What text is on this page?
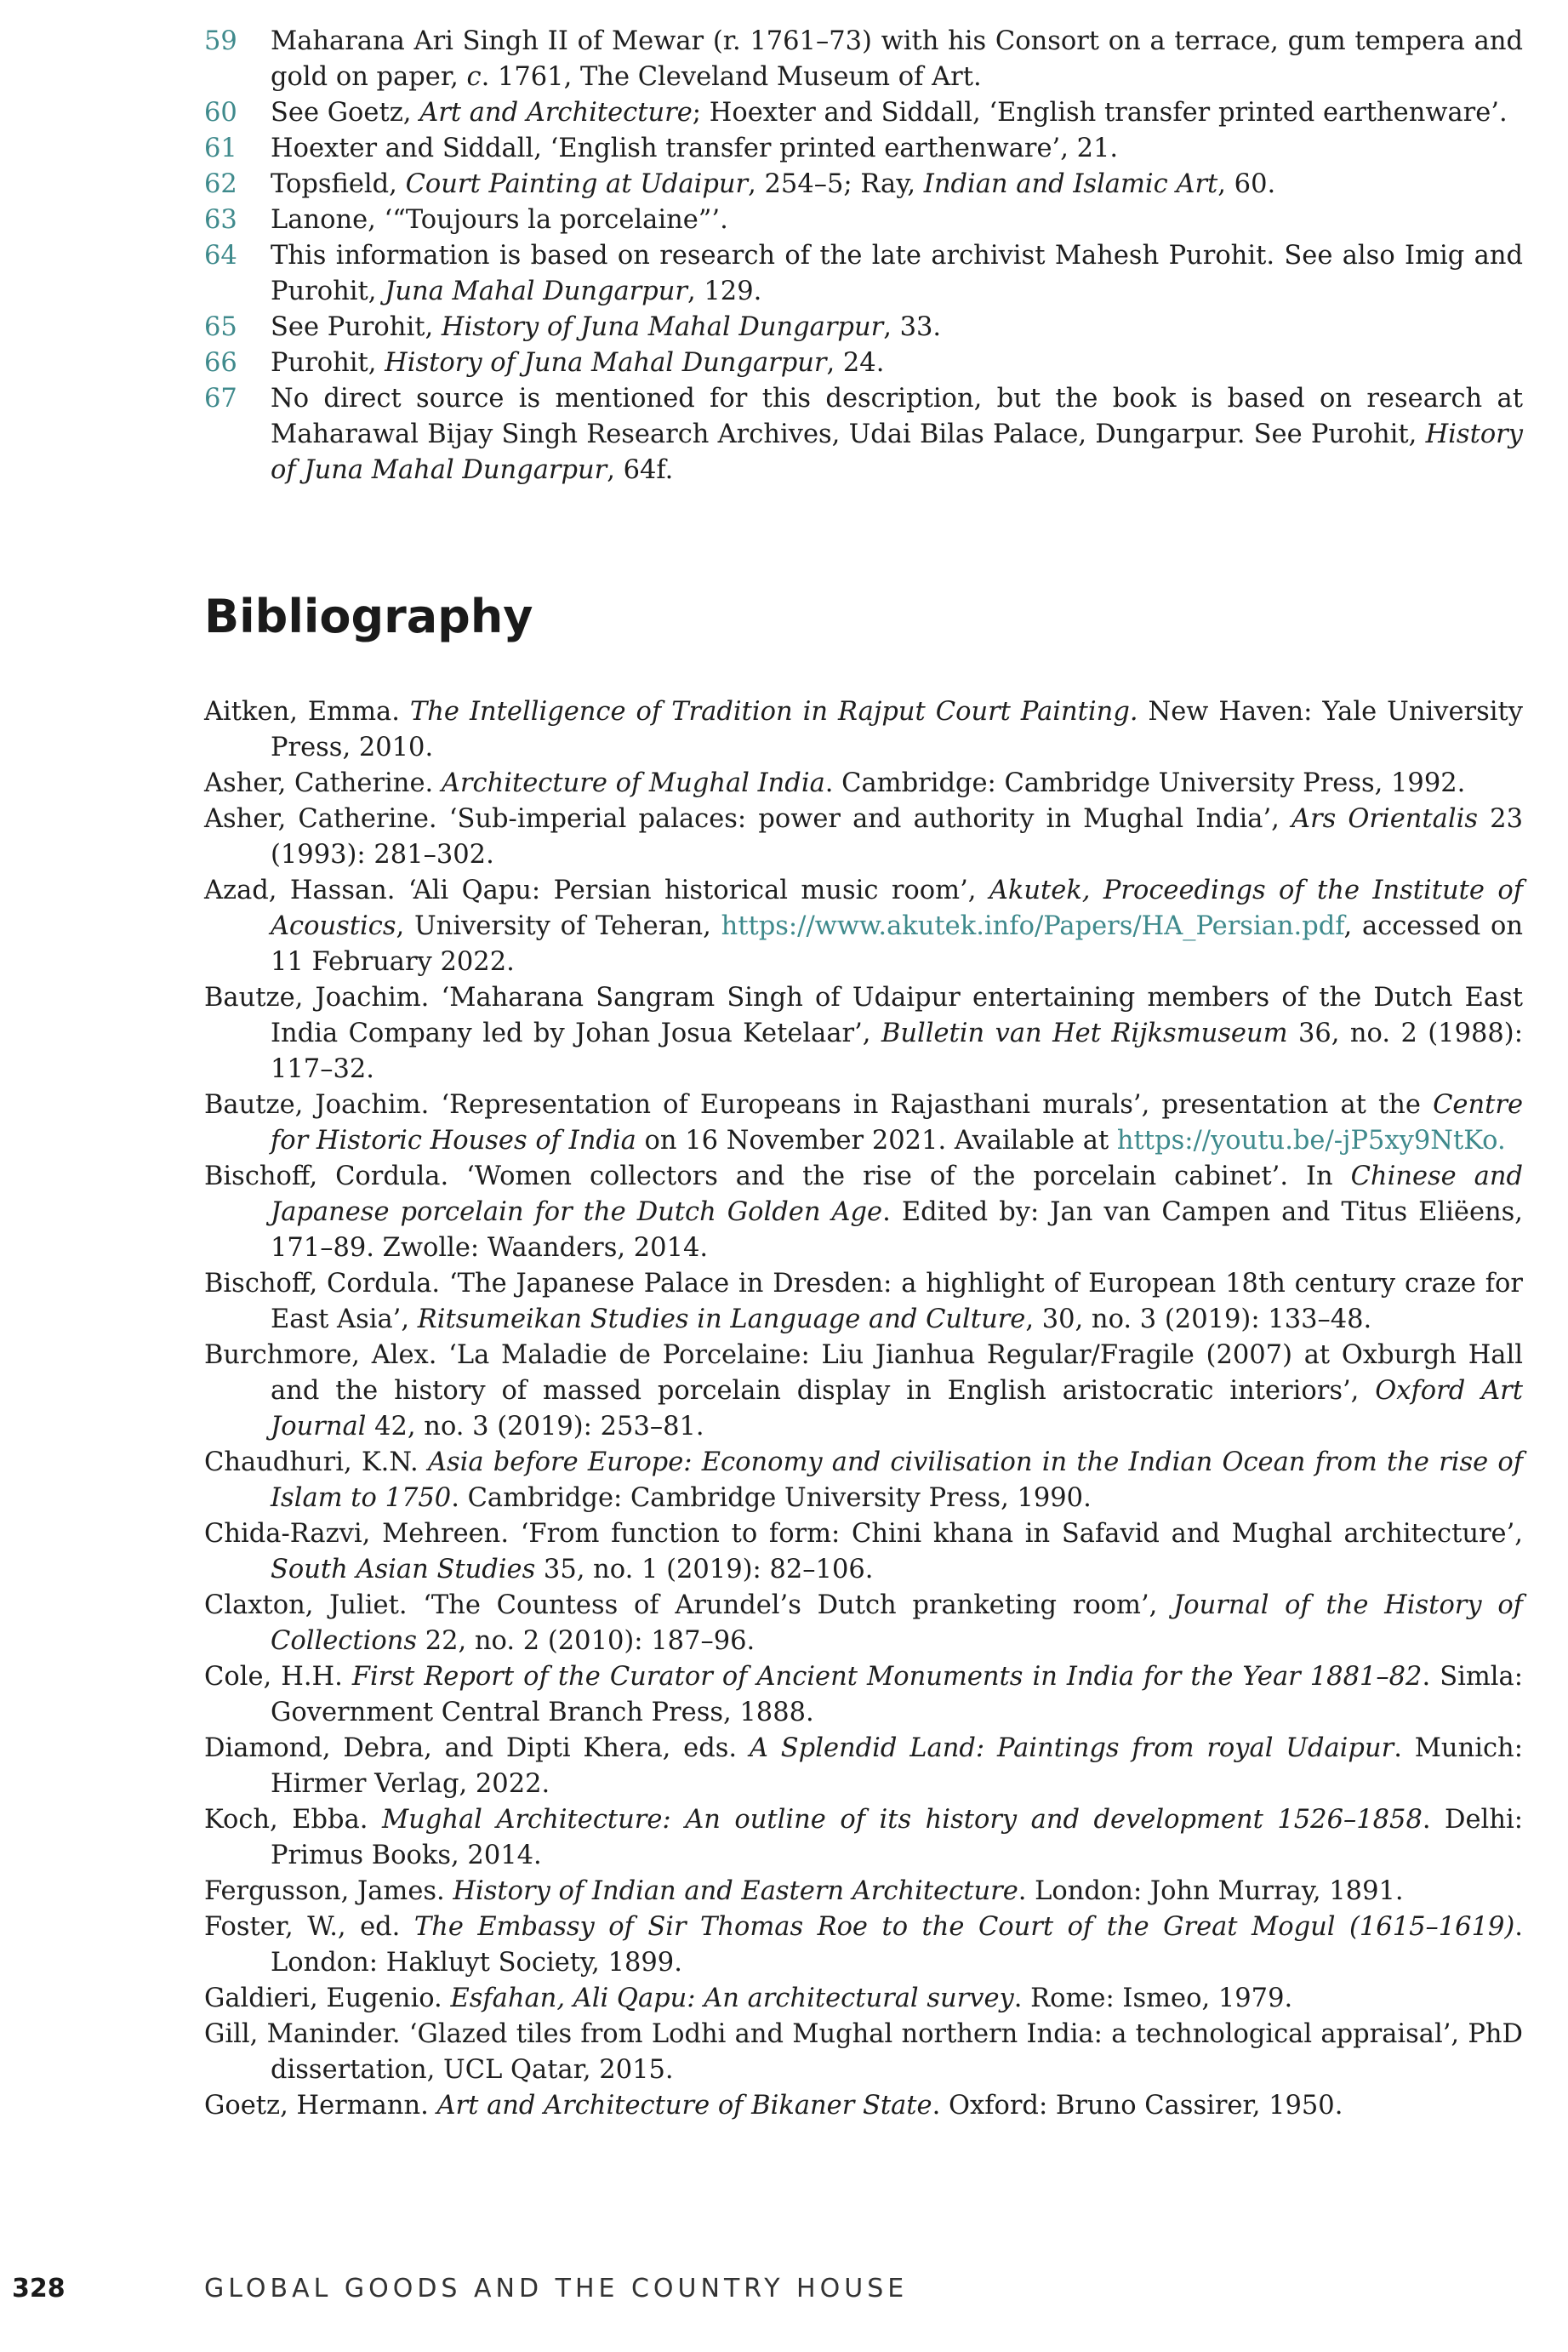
59	Maharana Ari Singh II of Mewar (r. 1761–73) with his Consort on a terrace, gum tempera and gold on paper, c. 1761, The Cleveland Museum of Art.
60	See Goetz, Art and Architecture; Hoexter and Siddall, ‘English transfer printed earthenware’.
61	Hoexter and Siddall, ‘English transfer printed earthenware’, 21.
62	Topsfield, Court Painting at Udaipur, 254–5; Ray, Indian and Islamic Art, 60.
63	Lanone, ‘“Toujours la porcelaine”’.
64	This information is based on research of the late archivist Mahesh Purohit. See also Imig and Purohit, Juna Mahal Dungarpur, 129.
65	See Purohit, History of Juna Mahal Dungarpur, 33.
66	Purohit, History of Juna Mahal Dungarpur, 24.
67	No direct source is mentioned for this description, but the book is based on research at Maharawal Bijay Singh Research Archives, Udai Bilas Palace, Dungarpur. See Purohit, History of Juna Mahal Dungarpur, 64f.
Bibliography
Aitken, Emma. The Intelligence of Tradition in Rajput Court Painting. New Haven: Yale University Press, 2010.
Asher, Catherine. Architecture of Mughal India. Cambridge: Cambridge University Press, 1992.
Asher, Catherine. ‘Sub-imperial palaces: power and authority in Mughal India’, Ars Orientalis 23 (1993): 281–302.
Azad, Hassan. ‘Ali Qapu: Persian historical music room’, Akutek, Proceedings of the Institute of Acoustics, University of Teheran, https://www.akutek.info/Papers/HA_Persian.pdf, accessed on 11 February 2022.
Bautze, Joachim. ‘Maharana Sangram Singh of Udaipur entertaining members of the Dutch East India Company led by Johan Josua Ketelaar’, Bulletin van Het Rijksmuseum 36, no. 2 (1988): 117–32.
Bautze, Joachim. ‘Representation of Europeans in Rajasthani murals’, presentation at the Centre for Historic Houses of India on 16 November 2021. Available at https://youtu.be/-jP5xy9NtKo.
Bischoff, Cordula. ‘Women collectors and the rise of the porcelain cabinet’. In Chinese and Japanese porcelain for the Dutch Golden Age. Edited by: Jan van Campen and Titus Eliëens, 171–89. Zwolle: Waanders, 2014.
Bischoff, Cordula. ‘The Japanese Palace in Dresden: a highlight of European 18th century craze for East Asia’, Ritsumeikan Studies in Language and Culture, 30, no. 3 (2019): 133–48.
Burchmore, Alex. ‘La Maladie de Porcelaine: Liu Jianhua Regular/Fragile (2007) at Oxburgh Hall and the history of massed porcelain display in English aristocratic interiors’, Oxford Art Journal 42, no. 3 (2019): 253–81.
Chaudhuri, K.N. Asia before Europe: Economy and civilisation in the Indian Ocean from the rise of Islam to 1750. Cambridge: Cambridge University Press, 1990.
Chida-Razvi, Mehreen. ‘From function to form: Chini khana in Safavid and Mughal architecture’, South Asian Studies 35, no. 1 (2019): 82–106.
Claxton, Juliet. ‘The Countess of Arundel’s Dutch pranketing room’, Journal of the History of Collections 22, no. 2 (2010): 187–96.
Cole, H.H. First Report of the Curator of Ancient Monuments in India for the Year 1881–82. Simla: Government Central Branch Press, 1888.
Diamond, Debra, and Dipti Khera, eds. A Splendid Land: Paintings from royal Udaipur. Munich: Hirmer Verlag, 2022.
Koch, Ebba. Mughal Architecture: An outline of its history and development 1526–1858. Delhi: Primus Books, 2014.
Fergusson, James. History of Indian and Eastern Architecture. London: John Murray, 1891.
Foster, W., ed. The Embassy of Sir Thomas Roe to the Court of the Great Mogul (1615–1619). London: Hakluyt Society, 1899.
Galdieri, Eugenio. Esfahan, Ali Qapu: An architectural survey. Rome: Ismeo, 1979.
Gill, Maninder. ‘Glazed tiles from Lodhi and Mughal northern India: a technological appraisal’, PhD dissertation, UCL Qatar, 2015.
Goetz, Hermann. Art and Architecture of Bikaner State. Oxford: Bruno Cassirer, 1950.
328	GLOBAL GOODS AND THE COUNTRY HOUSE
